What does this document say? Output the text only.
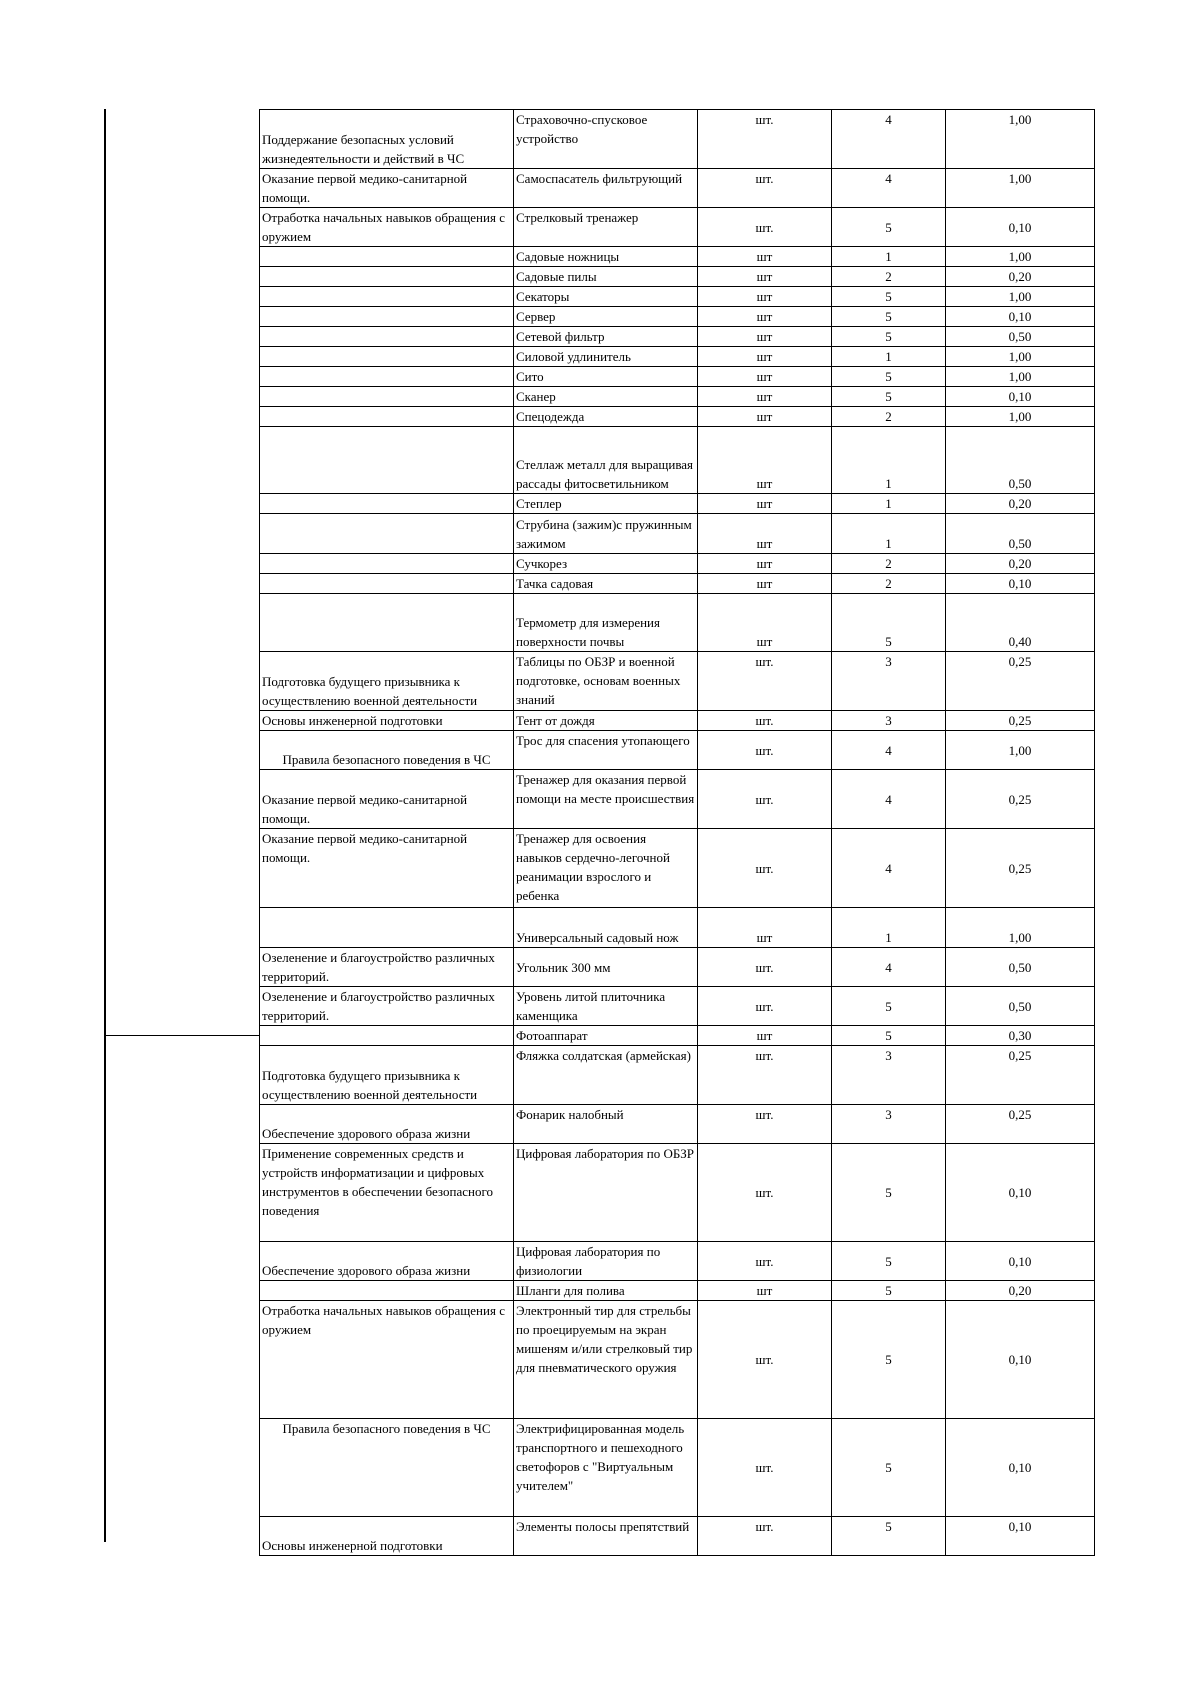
Поддержание безопасных условий жизнедеятельности и действий в ЧС	Страховочно-спусковое устройство	шт.	4	1,00
Оказание первой медико-санитарной помощи.	Самоспасатель фильтрующий	шт.	4	1,00
Отработка начальных навыков обращения с оружием	Стрелковый тренажер	шт.	5	0,10
	Садовые ножницы	шт	1	1,00
	Садовые пилы	шт	2	0,20
	Секаторы	шт	5	1,00
	Сервер	шт	5	0,10
	Сетевой фильтр	шт	5	0,50
	Силовой удлинитель	шт	1	1,00
	Сито	шт	5	1,00
	Сканер	шт	5	0,10
	Спецодежда	шт	2	1,00
	Стеллаж металл для выращивая рассады фитосветильником	шт	1	0,50
	Степлер	шт	1	0,20
	Струбина (зажим)с пружинным зажимом	шт	1	0,50
	Сучкорез	шт	2	0,20
	Тачка садовая	шт	2	0,10
	Термометр для измерения поверхности почвы	шт	5	0,40
Подготовка будущего призывника к осуществлению военной деятельности	Таблицы по ОБЗР и военной подготовке, основам военных знаний	шт.	3	0,25
Основы инженерной подготовки	Тент от дождя	шт.	3	0,25
Правила безопасного поведения в ЧС	Трос для спасения утопающего	шт.	4	1,00
Оказание первой медико-санитарной помощи.	Тренажер для оказания первой помощи на месте происшествия	шт.	4	0,25
Оказание первой медико-санитарной помощи.	Тренажер для освоения навыков сердечно-легочной реанимации взрослого и ребенка	шт.	4	0,25
	Универсальный садовый нож	шт	1	1,00
Озеленение и благоустройство различных территорий.	Угольник 300 мм	шт.	4	0,50
Озеленение и благоустройство различных территорий.	Уровень литой плиточника каменщика	шт.	5	0,50
	Фотоаппарат	шт	5	0,30
Подготовка будущего призывника к осуществлению военной деятельности	Фляжка солдатская (армейская)	шт.	3	0,25
Обеспечение здорового образа жизни	Фонарик налобный	шт.	3	0,25
Применение современных средств и устройств информатизации и цифровых инструментов в обеспечении безопасного поведения	Цифровая лаборатория по ОБЗР	шт.	5	0,10
Обеспечение здорового образа жизни	Цифровая лаборатория по физиологии	шт.	5	0,10
	Шланги для полива	шт	5	0,20
Отработка начальных навыков обращения с оружием	Электронный тир для стрельбы по проецируемым на экран мишеням и/или стрелковый тир для пневматического оружия	шт.	5	0,10
Правила безопасного поведения в ЧС	Электрифицированная модель транспортного и пешеходного светофоров с "Виртуальным учителем"	шт.	5	0,10
Основы инженерной подготовки	Элементы полосы препятствий	шт.	5	0,10
